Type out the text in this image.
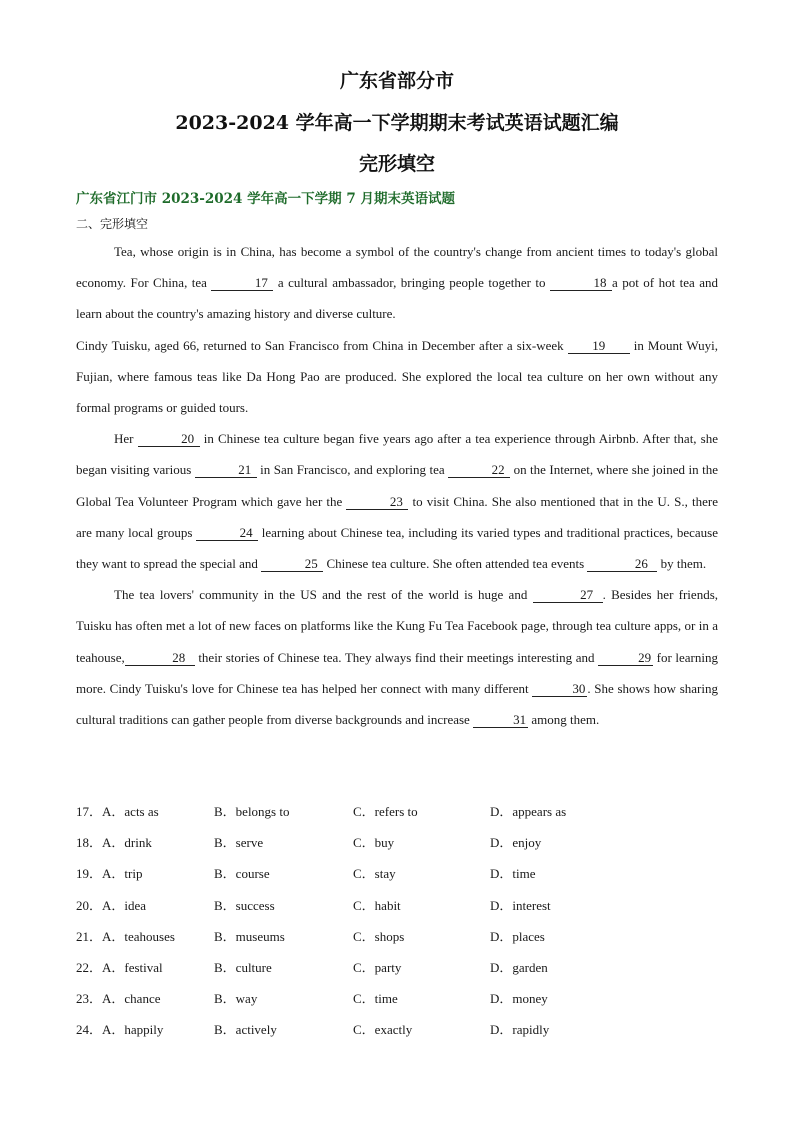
广东省部分市
2023-2024 学年高一下学期期末考试英语试题汇编
完形填空
广东省江门市 2023-2024 学年高一下学期 7 月期末英语试题
二、完形填空

Tea, whose origin is in China, has become a symbol of the country's change from ancient times to today's global economy. For China, tea	17 a cultural ambassador, bringing people together to	18 a pot of hot tea and learn about the country's amazing history and diverse culture.

Cindy Tuisku, aged 66, returned to San Francisco from China in December after a six-week 19 in Mount Wuyi, Fujian, where famous teas like Da Hong Pao are produced. She explored the local tea culture on her own without any formal programs or guided tours.

Her	20 in Chinese tea culture began five years ago after a tea experience through Airbnb. After that, she began visiting various	21 in San Francisco, and exploring tea	22 on the Internet, where she joined in the Global Tea Volunteer Program which gave her the	23 to visit China. She also mentioned that in the U. S., there are many local groups	24 learning about Chinese tea, including its varied types and traditional practices, because they want to spread the special and	25 Chinese tea culture. She often attended tea events	26 by them.

The tea lovers' community in the US and the rest of the world is huge and	27 . Besides her friends, Tuisku has often met a lot of new faces on platforms like the Kung Fu Tea Facebook page, through tea culture apps, or in a teahouse,	28 their stories of Chinese tea. They always find their meetings interesting and	29 for learning more. Cindy Tuisku's love for Chinese tea has helped her connect with many different	30 . She shows how sharing cultural traditions can gather people from diverse backgrounds and increase	31 among them.

17．A．acts as	B．belongs to	C．refers to	D．appears as
18．A．drink	B．serve	C．buy	D．enjoy
19．A．trip	B．course	C．stay	D．time
20．A．idea	B．success	C．habit	D．interest
21．A．teahouses	B．museums	C．shops	D．places
22．A．festival	B．culture	C．party	D．garden
23．A．chance	B．way	C．time	D．money
24．A．happily	B．actively	C．exactly	D．rapidly
